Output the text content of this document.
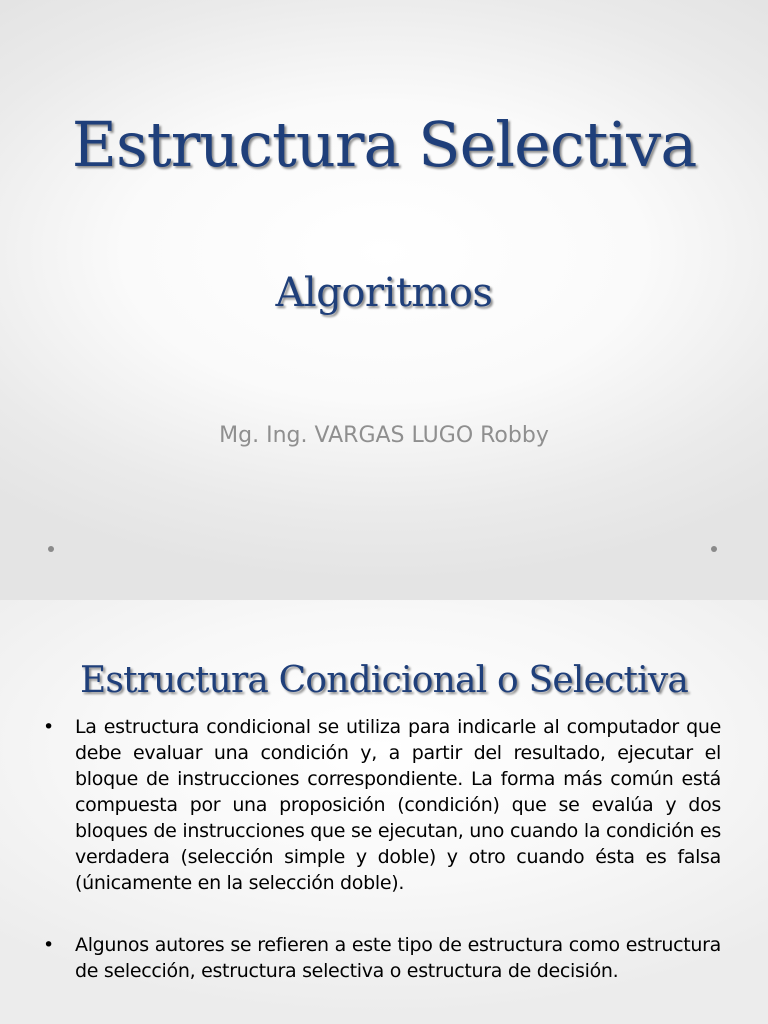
Estructura Selectiva
Algoritmos
Mg. Ing. VARGAS LUGO Robby
Estructura Condicional o Selectiva
• La estructura condicional se utiliza para indicarle al computador que debe evaluar una condición y, a partir del resultado, ejecutar el bloque de instrucciones correspondiente. La forma más común está compuesta por una proposición (condición) que se evalúa y dos bloques de instrucciones que se ejecutan, uno cuando la condición es verdadera (selección simple y doble) y otro cuando ésta es falsa (únicamente en la selección doble).
• Algunos autores se refieren a este tipo de estructura como estructura de selección, estructura selectiva o estructura de decisión.
